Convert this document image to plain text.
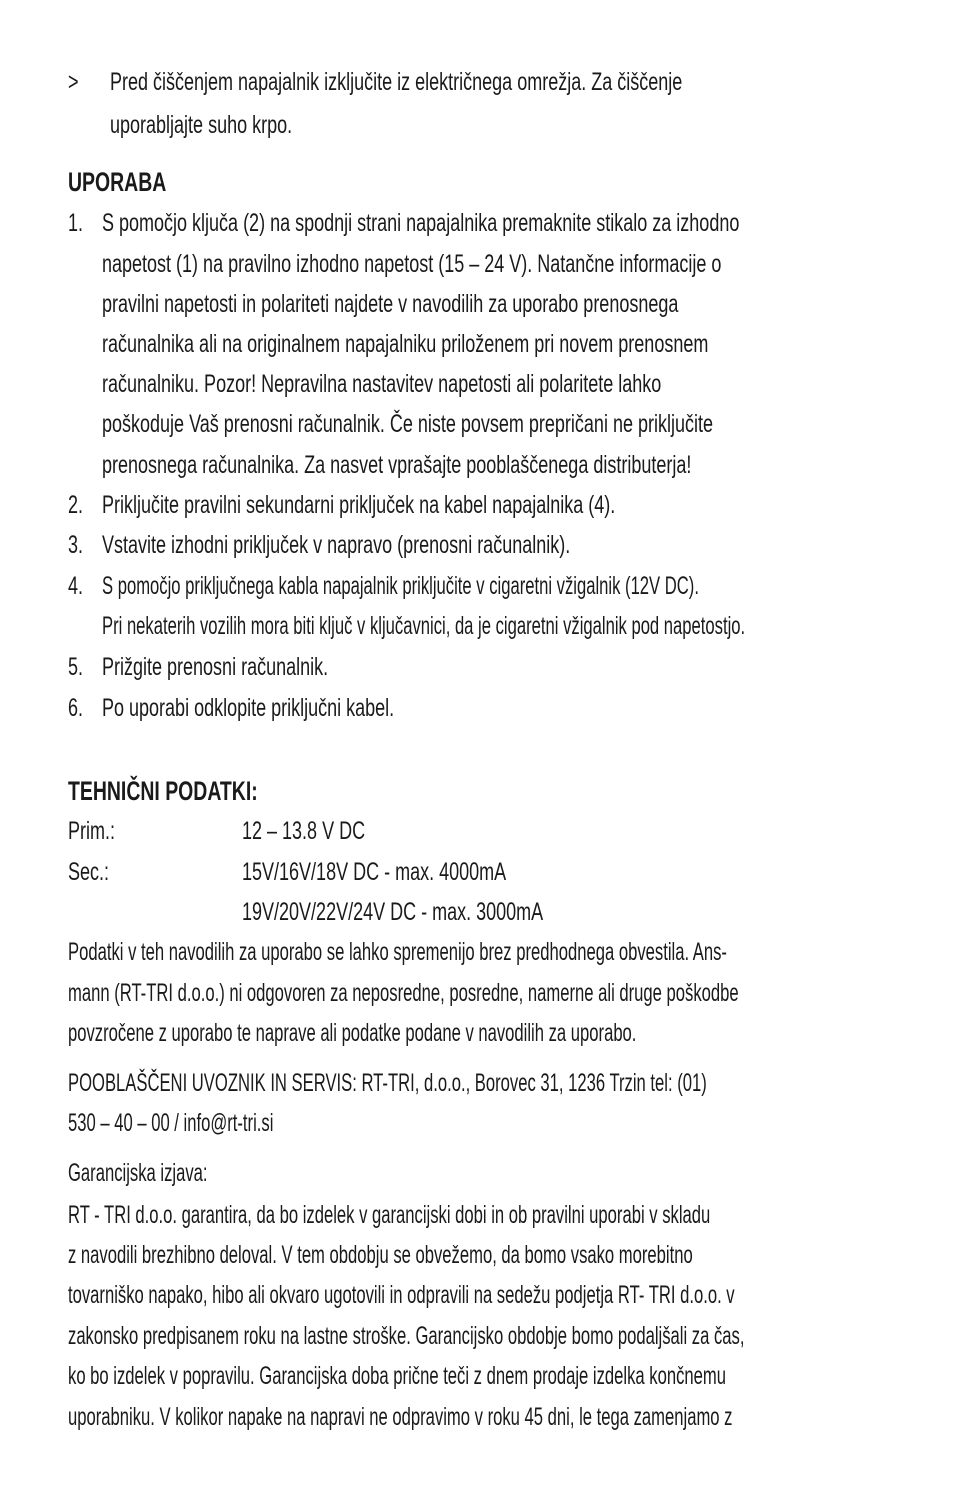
> Pred čiščenjem napajalnik izključite iz električnega omrežja. Za čiščenje
uporabljajte suho krpo.
UPORABA
1. S pomočjo ključa (2) na spodnji strani napajalnika premaknite stikalo za izhodno
napetost (1) na pravilno izhodno napetost (15 – 24 V). Natančne informacije o
pravilni napetosti in polariteti najdete v navodilih za uporabo prenosnega
računalnika ali na originalnem napajalniku priloženem pri novem prenosnem
računalniku. Pozor! Nepravilna nastavitev napetosti ali polaritete lahko
poškoduje Vaš prenosni računalnik. Če niste povsem prepričani ne priključite
prenosnega računalnika. Za nasvet vprašajte pooblaščenega distributerja!
2. Priključite pravilni sekundarni priključek na kabel napajalnika (4).
3. Vstavite izhodni priključek v napravo (prenosni računalnik).
4. S pomočjo priključnega kabla napajalnik priključite v cigaretni vžigalnik (12V DC).
Pri nekaterih vozilih mora biti ključ v ključavnici, da je cigaretni vžigalnik pod napetostjo.
5. Prižgite prenosni računalnik.
6. Po uporabi odklopite priključni kabel.
TEHNIČNI PODATKI:
Prim.:	12 – 13.8 V DC
Sec.:	15V/16V/18V DC - max. 4000mA
19V/20V/22V/24V DC - max. 3000mA
Podatki v teh navodilih za uporabo se lahko spremenijo brez predhodnega obvestila. Ans-
mann (RT-TRI d.o.o.) ni odgovoren za neposredne, posredne, namerne ali druge poškodbe
povzročene z uporabo te naprave ali podatke podane v navodilih za uporabo.
POOBLAŠČENI UVOZNIK IN SERVIS: RT-TRI, d.o.o., Borovec 31, 1236 Trzin tel: (01)
530 – 40 – 00 / info@rt-tri.si
Garancijska izjava:
RT - TRI d.o.o. garantira, da bo izdelek v garancijski dobi in ob pravilni uporabi v skladu
z navodili brezhibno deloval. V tem obdobju se obvežemo, da bomo vsako morebitno
tovarniško napako, hibo ali okvaro ugotovili in odpravili na sedežu podjetja RT- TRI d.o.o. v
zakonsko predpisanem roku na lastne stroške. Garancijsko obdobje bomo podaljšali za čas,
ko bo izdelek v popravilu. Garancijska doba prične teči z dnem prodaje izdelka končnemu
uporabniku. V kolikor napake na napravi ne odpravimo v roku 45 dni, le tega zamenjamo z
